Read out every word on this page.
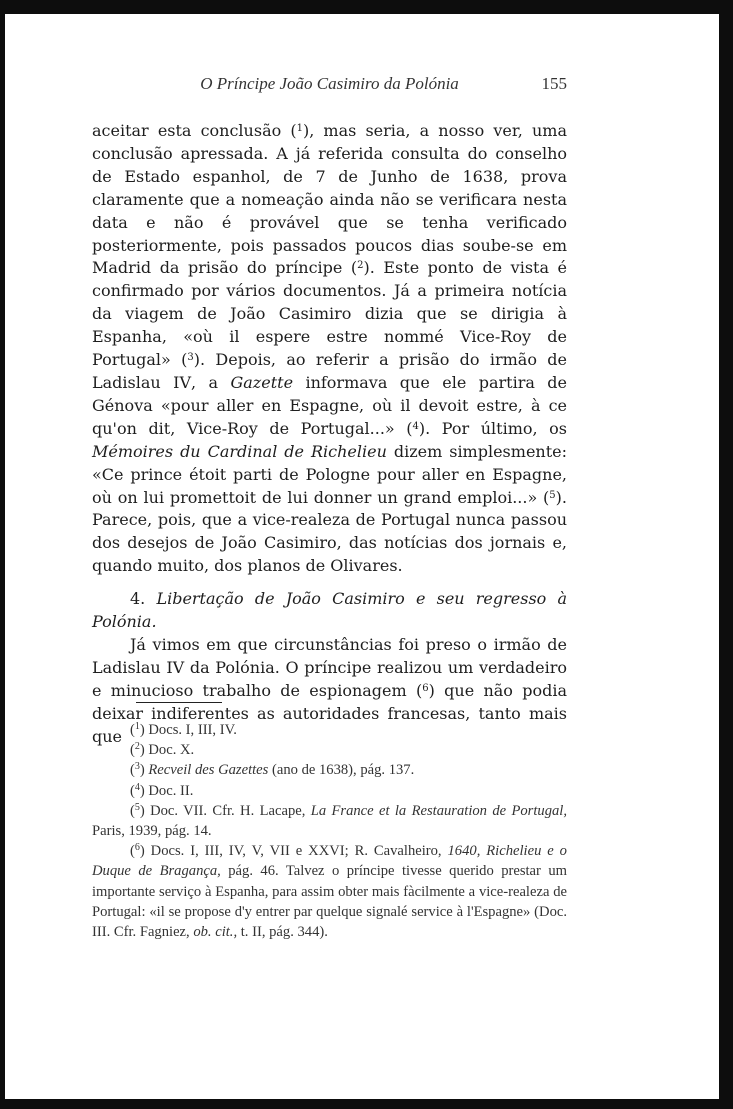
O Príncipe João Casimiro da Polónia	155

aceitar esta conclusão ($^1$), mas seria, a nosso ver, uma conclusão apressada. A já referida consulta do conselho de Estado espanhol, de 7 de Junho de 1638, prova claramente que a nomeação ainda não se verificara nesta data e não é provável que se tenha verificado posteriormente, pois passados poucos dias soube-se em Madrid da prisão do príncipe ($^2$). Este ponto de vista é confirmado por vários documentos. Já a primeira notícia da viagem de João Casimiro dizia que se dirigia à Espanha, «où il espere estre nommé Vice-Roy de Portugal» ($^3$). Depois, ao referir a prisão do irmão de Ladislau IV, a Gazette informava que ele partira de Génova «pour aller en Espagne, où il devoit estre, à ce qu'on dit, Vice-Roy de Portugal...» ($^4$). Por último, os Mémoires du Cardinal de Richelieu dizem simplesmente: «Ce prince étoit parti de Pologne pour aller en Espagne, où on lui promettoit de lui donner un grand emploi...» ($^5$). Parece, pois, que a vice-realeza de Portugal nunca passou dos desejos de João Casimiro, das notícias dos jornais e, quando muito, dos planos de Olivares.

4. Libertação de João Casimiro e seu regresso à Polónia.

Já vimos em que circunstâncias foi preso o irmão de Ladislau IV da Polónia. O príncipe realizou um verdadeiro e minucioso trabalho de espionagem ($^6$) que não podia deixar indiferentes as autoridades francesas, tanto mais que ($^1$) Docs. I, III, IV.

($^2$) Doc. X.

($^3$) Recveil des Gazettes (ano de 1638), pág. 137.

($^4$) Doc. II.

($^5$) Doc. VII. Cfr. H. Lacape, La France et la Restauration de Portugal, Paris, 1939, pág. 14.

($^6$) Docs. I, III, IV, V, VII e XXVI; R. Cavalheiro, 1640, Richelieu e o Duque de Bragança, pág. 46. Talvez o príncipe tivesse querido prestar um importante serviço à Espanha, para assim obter mais fàcilmente a vice-realeza de Portugal: «il se propose d'y entrer par quelque signalé service à l'Espagne» (Doc. III. Cfr. Fagniez, ob. cit., t. II, pág. 344).
